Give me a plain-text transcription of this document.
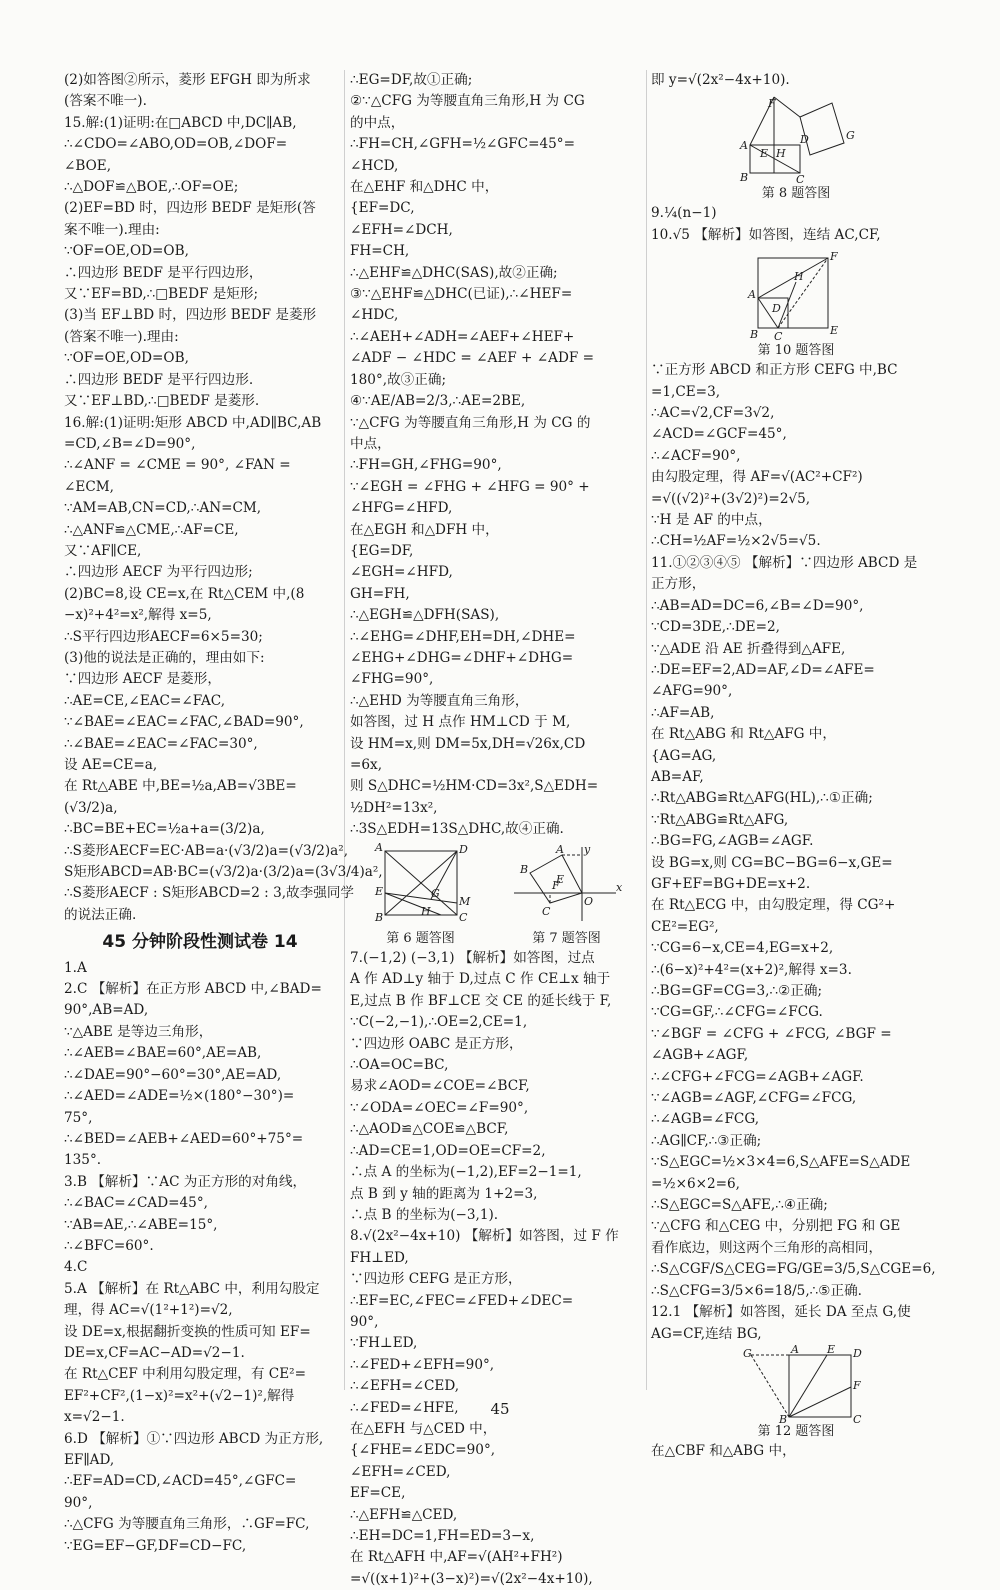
(2)如答图②所示，菱形 EFGH 即为所求
(答案不唯一).
15.解:(1)证明:在□ABCD 中,DC∥AB,
∴∠CDO=∠ABO,OD=OB,∠DOF=
∠BOE,
∴△DOF≌△BOE,∴OF=OE;
(2)EF=BD 时，四边形 BEDF 是矩形(答
案不唯一).理由:
∵OF=OE,OD=OB,
∴四边形 BEDF 是平行四边形，
又∵EF=BD,∴□BEDF 是矩形;
(3)当 EF⊥BD 时，四边形 BEDF 是菱形
(答案不唯一).理由:
∵OF=OE,OD=OB,
∴四边形 BEDF 是平行四边形.
又∵EF⊥BD,∴□BEDF 是菱形.
16.解:(1)证明:矩形 ABCD 中,AD∥BC,AB
=CD,∠B=∠D=90°,
∴∠ANF = ∠CME = 90°, ∠FAN =
∠ECM,
∵AM=AB,CN=CD,∴AN=CM,
∴△ANF≌△CME,∴AF=CE,
又∵AF∥CE,
∴四边形 AECF 为平行四边形;
(2)BC=8,设 CE=x,在 Rt△CEM 中,(8
−x)²+4²=x²,解得 x=5,
∴S平行四边形AECF=6×5=30;
(3)他的说法是正确的，理由如下:
∵四边形 AECF 是菱形，
∴AE=CE,∠EAC=∠FAC,
∵∠BAE=∠EAC=∠FAC,∠BAD=90°,
∴∠BAE=∠EAC=∠FAC=30°,
设 AE=CE=a,
在 Rt△ABE 中,BE=½a,AB=√3BE=
(√3/2)a,
∴BC=BE+EC=½a+a=(3/2)a,
∴S菱形AECF=EC·AB=a·(√3/2)a=(√3/2)a²,
S矩形ABCD=AB·BC=(√3/2)a·(3/2)a=(3√3/4)a²,
∴S菱形AECF : S矩形ABCD=2 : 3,故李强同学
的说法正确.
45 分钟阶段性测试卷 14
1.A
2.C 【解析】在正方形 ABCD 中,∠BAD=
90°,AB=AD,
∵△ABE 是等边三角形，
∴∠AEB=∠BAE=60°,AE=AB,
∴∠DAE=90°−60°=30°,AE=AD,
∴∠AED=∠ADE=½×(180°−30°)=
75°,
∴∠BED=∠AEB+∠AED=60°+75°=
135°.
3.B 【解析】∵AC 为正方形的对角线，
∴∠BAC=∠CAD=45°,
∵AB=AE,∴∠ABE=15°,
∴∠BFC=60°.
4.C
5.A 【解析】在 Rt△ABC 中，利用勾股定
理，得 AC=√(1²+1²)=√2,
设 DE=x,根据翻折变换的性质可知 EF=
DE=x,CF=AC−AD=√2−1.
在 Rt△CEF 中利用勾股定理，有 CE²=
EF²+CF²,(1−x)²=x²+(√2−1)²,解得
x=√2−1.
6.D 【解析】①∵四边形 ABCD 为正方形,
EF∥AD,
∴EF=AD=CD,∠ACD=45°,∠GFC=
90°,
∴△CFG 为等腰直角三角形，∴GF=FC,
∵EG=EF−GF,DF=CD−FC,
∴EG=DF,故①正确;
②∵△CFG 为等腰直角三角形,H 为 CG
的中点，
∴FH=CH,∠GFH=½∠GFC=45°=
∠HCD,
在△EHF 和△DHC 中，
{EF=DC,
∠EFH=∠DCH,
FH=CH,
∴△EHF≌△DHC(SAS),故②正确;
③∵△EHF≌△DHC(已证),∴∠HEF=
∠HDC,
∴∠AEH+∠ADH=∠AEF+∠HEF+
∠ADF − ∠HDC = ∠AEF + ∠ADF =
180°,故③正确;
④∵AE/AB=2/3,∴AE=2BE,
∵△CFG 为等腰直角三角形,H 为 CG 的
中点，
∴FH=GH,∠FHG=90°,
∵∠EGH = ∠FHG + ∠HFG = 90° +
∠HFG=∠HFD,
在△EGH 和△DFH 中，
{EG=DF,
∠EGH=∠HFD,
GH=FH,
∴△EGH≌△DFH(SAS),
∴∠EHG=∠DHF,EH=DH,∠DHE=
∠EHG+∠DHG=∠DHF+∠DHG=
∠FHG=90°,
∴△EHD 为等腰直角三角形，
如答图，过 H 点作 HM⊥CD 于 M,
设 HM=x,则 DM=5x,DH=√26x,CD
=6x,
则 S△DHC=½HM·CD=3x²,S△EDH=
½DH²=13x²,
∴3S△EDH=13S△DHC,故④正确.
A	D
E	G
M
H
B	C
第 6 题答图
A
B
C
O
y
x
F
E
第 7 题答图
7.(−1,2) (−3,1) 【解析】如答图，过点
A 作 AD⊥y 轴于 D,过点 C 作 CE⊥x 轴于
E,过点 B 作 BF⊥CE 交 CE 的延长线于 F,
∵C(−2,−1),∴OE=2,CE=1,
∵四边形 OABC 是正方形，
∴OA=OC=BC,
易求∠AOD=∠COE=∠BCF,
∵∠ODA=∠OEC=∠F=90°,
∴△AOD≌△COE≌△BCF,
∴AD=CE=1,OD=OE=CF=2,
∴点 A 的坐标为(−1,2),EF=2−1=1,
点 B 到 y 轴的距离为 1+2=3,
∴点 B 的坐标为(−3,1).
8.√(2x²−4x+10) 【解析】如答图，过 F 作
FH⊥ED,
∵四边形 CEFG 是正方形，
∴EF=EC,∠FEC=∠FED+∠DEC=
90°,
∵FH⊥ED,
∴∠FED+∠EFH=90°,
∴∠EFH=∠CED,
∴∠FED=∠HFE,
在△EFH 与△CED 中，
{∠FHE=∠EDC=90°,
∠EFH=∠CED,
EF=CE,
∴△EFH≌△CED,
∴EH=DC=1,FH=ED=3−x,
在 Rt△AFH 中,AF=√(AH²+FH²)
=√((x+1)²+(3−x)²)=√(2x²−4x+10),
即 y=√(2x²−4x+10).
F
G
A
E H
D
B	C
第 8 题答图
9.¼(n−1)
10.√5 【解析】如答图，连结 AC,CF,
A
F
H
D
B C	E
第 10 题答图
∵正方形 ABCD 和正方形 CEFG 中,BC
=1,CE=3,
∴AC=√2,CF=3√2,
∠ACD=∠GCF=45°,
∴∠ACF=90°,
由勾股定理，得 AF=√(AC²+CF²)
=√((√2)²+(3√2)²)=2√5,
∵H 是 AF 的中点，
∴CH=½AF=½×2√5=√5.
11.①②③④⑤ 【解析】∵四边形 ABCD 是
正方形，
∴AB=AD=DC=6,∠B=∠D=90°,
∵CD=3DE,∴DE=2,
∵△ADE 沿 AE 折叠得到△AFE,
∴DE=EF=2,AD=AF,∠D=∠AFE=
∠AFG=90°,
∴AF=AB,
在 Rt△ABG 和 Rt△AFG 中，
{AG=AG,
AB=AF,
∴Rt△ABG≌Rt△AFG(HL),∴①正确;
∵Rt△ABG≌Rt△AFG,
∴BG=FG,∠AGB=∠AGF.
设 BG=x,则 CG=BC−BG=6−x,GE=
GF+EF=BG+DE=x+2.
在 Rt△ECG 中，由勾股定理，得 CG²+
CE²=EG²,
∵CG=6−x,CE=4,EG=x+2,
∴(6−x)²+4²=(x+2)²,解得 x=3.
∴BG=GF=CG=3,∴②正确;
∵CG=GF,∴∠CFG=∠FCG.
∵∠BGF = ∠CFG + ∠FCG, ∠BGF =
∠AGB+∠AGF,
∴∠CFG+∠FCG=∠AGB+∠AGF.
∵∠AGB=∠AGF,∠CFG=∠FCG,
∴∠AGB=∠FCG,
∴AG∥CF,∴③正确;
∵S△EGC=½×3×4=6,S△AFE=S△ADE
=½×6×2=6,
∴S△EGC=S△AFE,∴④正确;
∵△CFG 和△CEG 中，分别把 FG 和 GE
看作底边，则这两个三角形的高相同，
∴S△CGF/S△CEG=FG/GE=3/5,S△CGE=6,
∴S△CFG=3/5×6=18/5,∴⑤正确.
12.1 【解析】如答图，延长 DA 至点 G,使
AG=CF,连结 BG,
G	A	E D
F
B	C
第 12 题答图
在△CBF 和△ABG 中，
45
